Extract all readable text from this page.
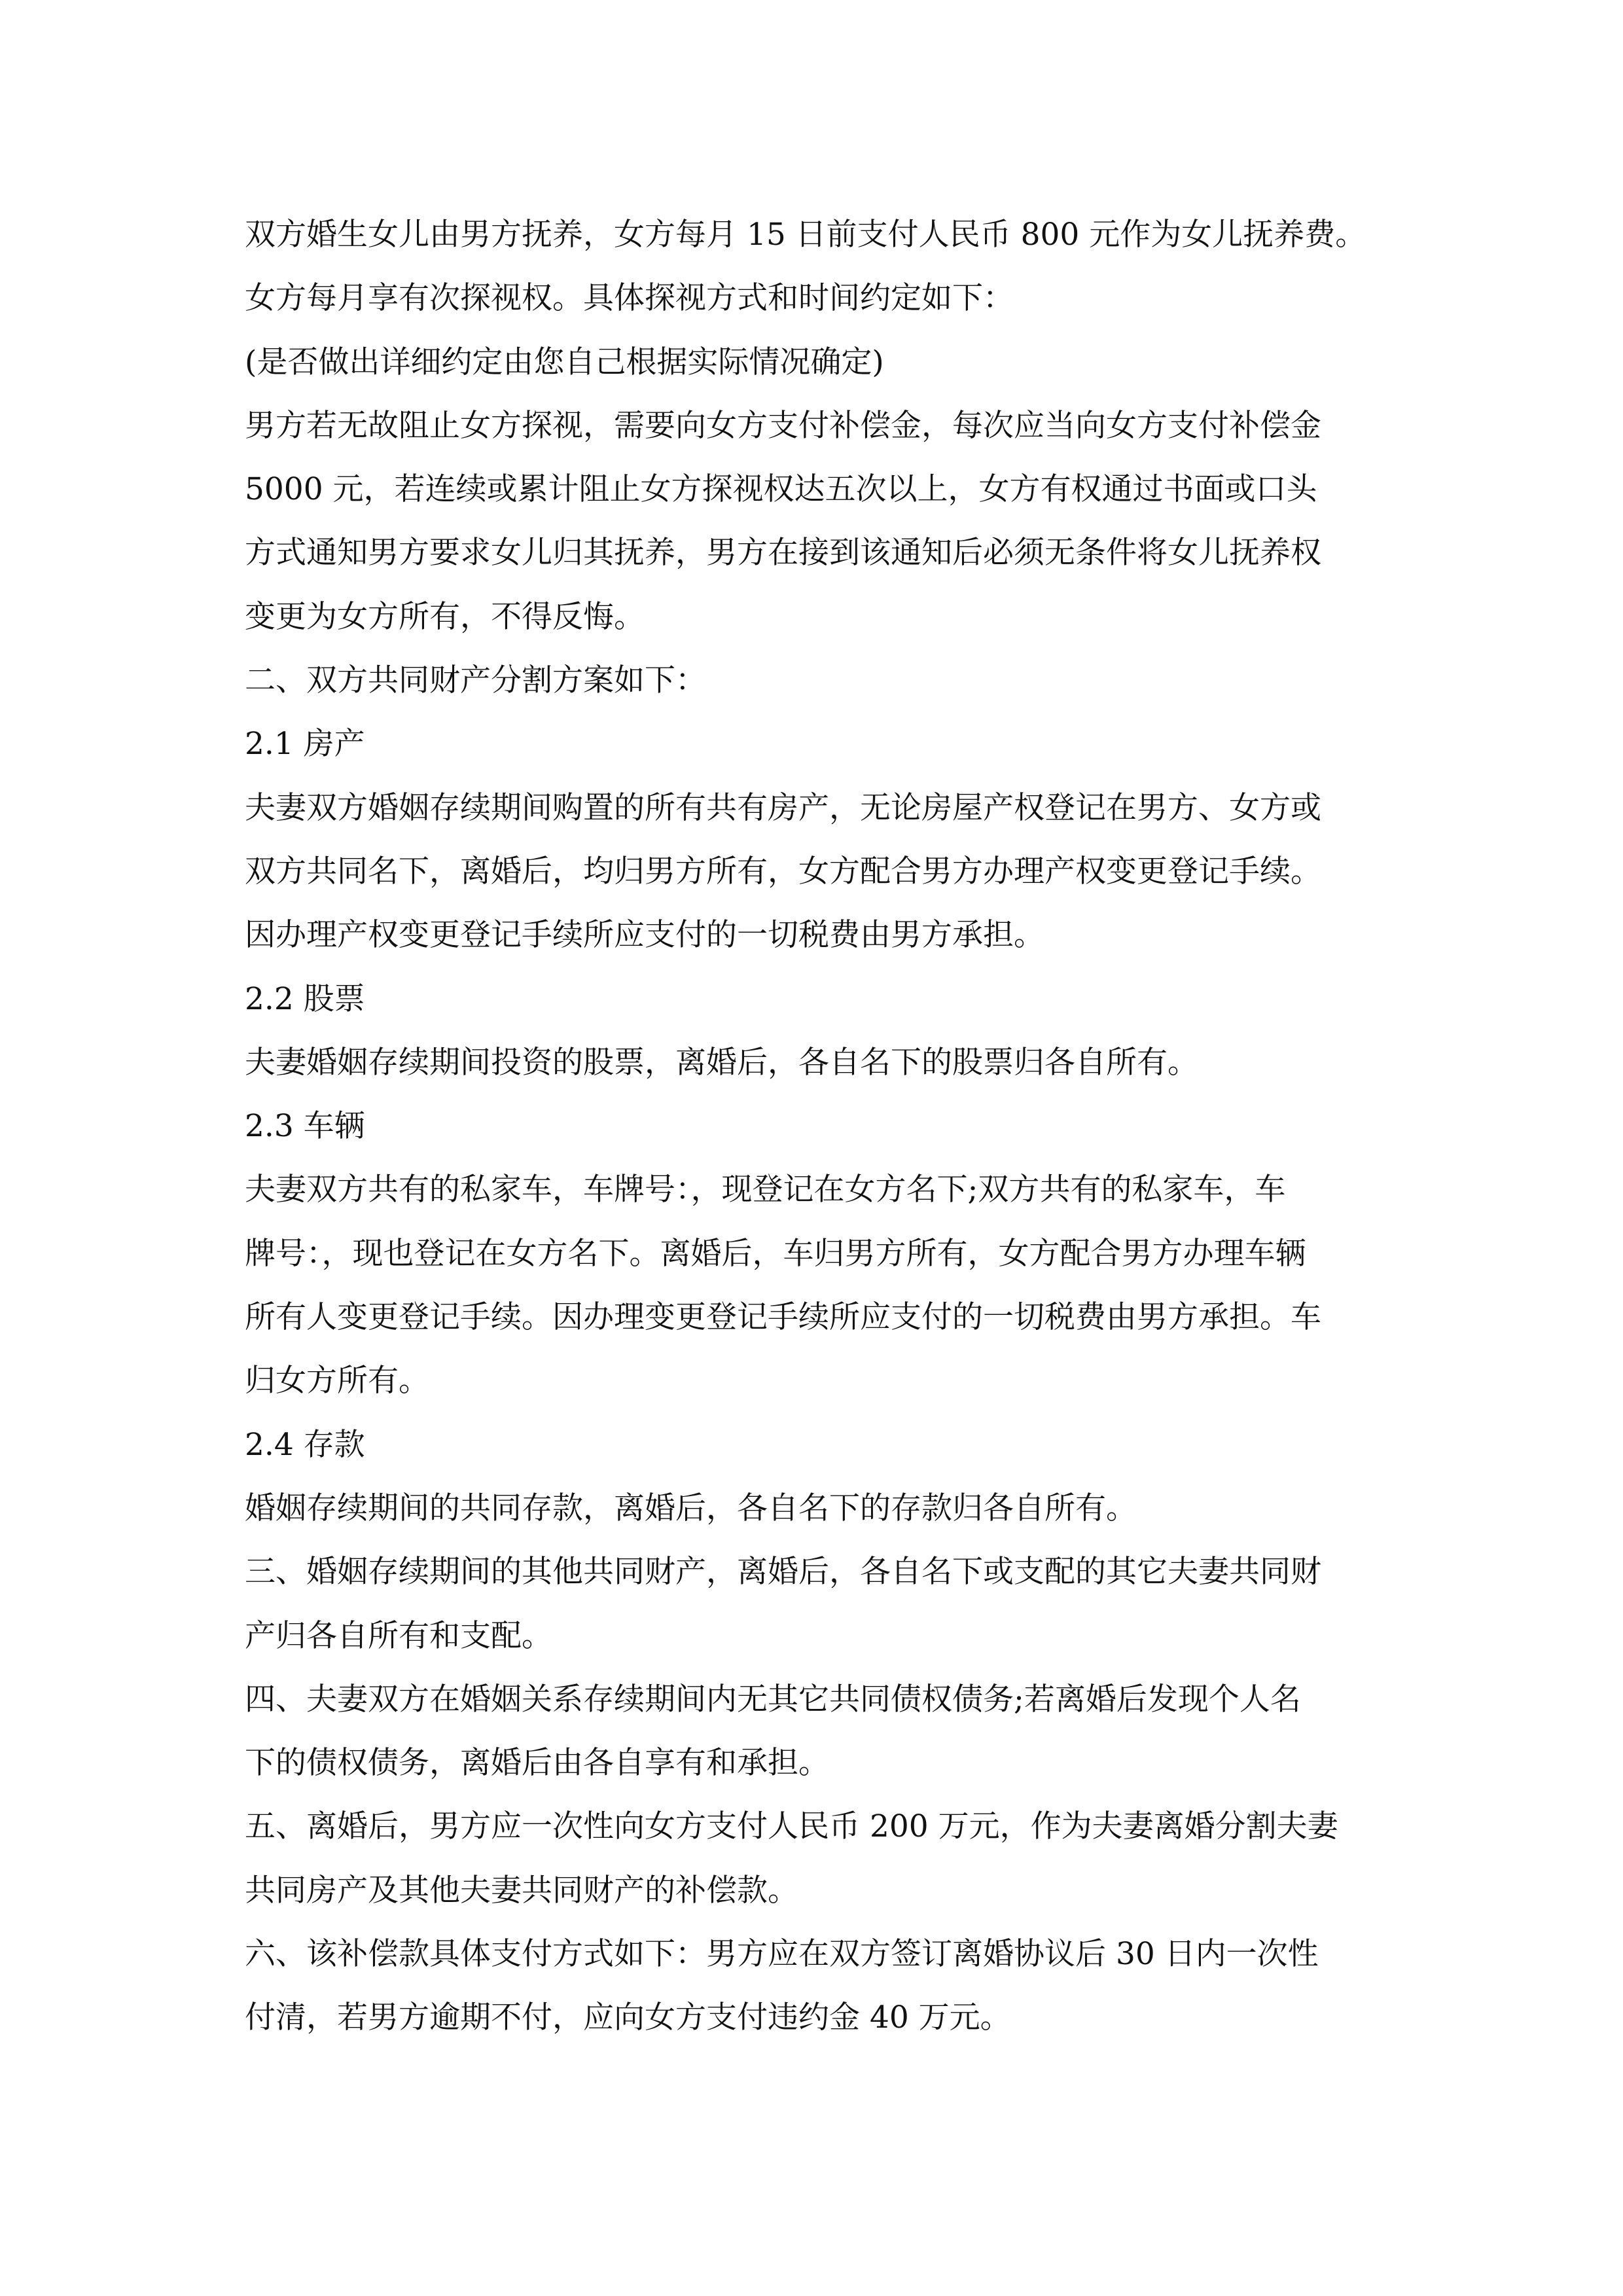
双方婚生女儿由男方抚养，女方每月 15 日前支付人民币 800 元作为女儿抚养费。
女方每月享有次探视权。具体探视方式和时间约定如下：
(是否做出详细约定由您自己根据实际情况确定)
男方若无故阻止女方探视，需要向女方支付补偿金，每次应当向女方支付补偿金
5000 元，若连续或累计阻止女方探视权达五次以上，女方有权通过书面或口头
方式通知男方要求女儿归其抚养，男方在接到该通知后必须无条件将女儿抚养权
变更为女方所有，不得反悔。
二、双方共同财产分割方案如下：
2.1 房产
夫妻双方婚姻存续期间购置的所有共有房产，无论房屋产权登记在男方、女方或
双方共同名下，离婚后，均归男方所有，女方配合男方办理产权变更登记手续。
因办理产权变更登记手续所应支付的一切税费由男方承担。
2.2 股票
夫妻婚姻存续期间投资的股票，离婚后，各自名下的股票归各自所有。
2.3 车辆
夫妻双方共有的私家车，车牌号：，现登记在女方名下;双方共有的私家车，车
牌号：，现也登记在女方名下。离婚后，车归男方所有，女方配合男方办理车辆
所有人变更登记手续。因办理变更登记手续所应支付的一切税费由男方承担。车
归女方所有。
2.4 存款
婚姻存续期间的共同存款，离婚后，各自名下的存款归各自所有。
三、婚姻存续期间的其他共同财产，离婚后，各自名下或支配的其它夫妻共同财
产归各自所有和支配。
四、夫妻双方在婚姻关系存续期间内无其它共同债权债务;若离婚后发现个人名
下的债权债务，离婚后由各自享有和承担。
五、离婚后，男方应一次性向女方支付人民币 200 万元，作为夫妻离婚分割夫妻
共同房产及其他夫妻共同财产的补偿款。
六、该补偿款具体支付方式如下：男方应在双方签订离婚协议后 30 日内一次性
付清，若男方逾期不付，应向女方支付违约金 40 万元。
